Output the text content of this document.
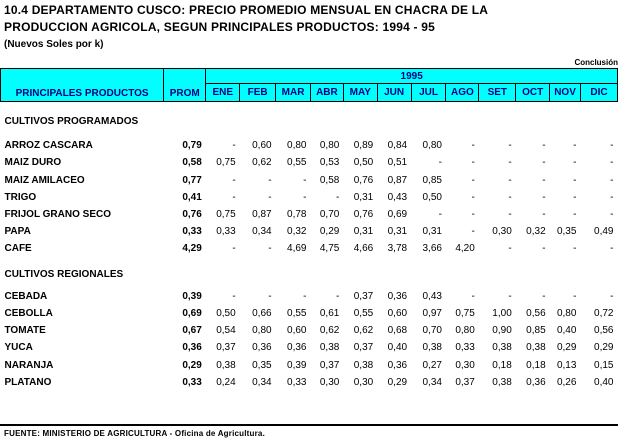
10.4 DEPARTAMENTO CUSCO: PRECIO PROMEDIO MENSUAL EN CHACRA DE LA
PRODUCCION AGRICOLA, SEGUN PRINCIPALES PRODUCTOS: 1994 - 95
(Nuevos Soles por k)
Conclusión
PRINCIPALES PRODUCTOS	PROM	1995											
		ENE	FEB	MAR	ABR	MAY	JUN	JUL	AGO	SET	OCT	NOV	DIC

CULTIVOS PROGRAMADOS													

ARROZ CASCARA	0,79	-	0,60	0,80	0,80	0,89	0,84	0,80	-	-	-	-	-
MAIZ DURO	0,58	0,75	0,62	0,55	0,53	0,50	0,51	-	-	-	-	-	-
MAIZ AMILACEO	0,77	-	-	-	0,58	0,76	0,87	0,85	-	-	-	-	-
TRIGO	0,41	-	-	-	-	0,31	0,43	0,50	-	-	-	-	-
FRIJOL GRANO SECO	0,76	0,75	0,87	0,78	0,70	0,76	0,69	-	-	-	-	-	-
PAPA	0,33	0,33	0,34	0,32	0,29	0,31	0,31	0,31	-	0,30	0,32	0,35	0,49
CAFE	4,29	-	-	4,69	4,75	4,66	3,78	3,66	4,20	-	-	-	-

CULTIVOS REGIONALES													

CEBADA	0,39	-	-	-	-	0,37	0,36	0,43	-	-	-	-	-
CEBOLLA	0,69	0,50	0,66	0,55	0,61	0,55	0,60	0,97	0,75	1,00	0,56	0,80	0,72
TOMATE	0,67	0,54	0,80	0,60	0,62	0,62	0,68	0,70	0,80	0,90	0,85	0,40	0,56
YUCA	0,36	0,37	0,36	0,36	0,38	0,37	0,40	0,38	0,33	0,38	0,38	0,29	0,29
NARANJA	0,29	0,38	0,35	0,39	0,37	0,38	0,36	0,27	0,30	0,18	0,18	0,13	0,15
PLATANO	0,33	0,24	0,34	0,33	0,30	0,30	0,29	0,34	0,37	0,38	0,36	0,26	0,40
FUENTE: MINISTERIO DE AGRICULTURA - Oficina de Agricultura.
